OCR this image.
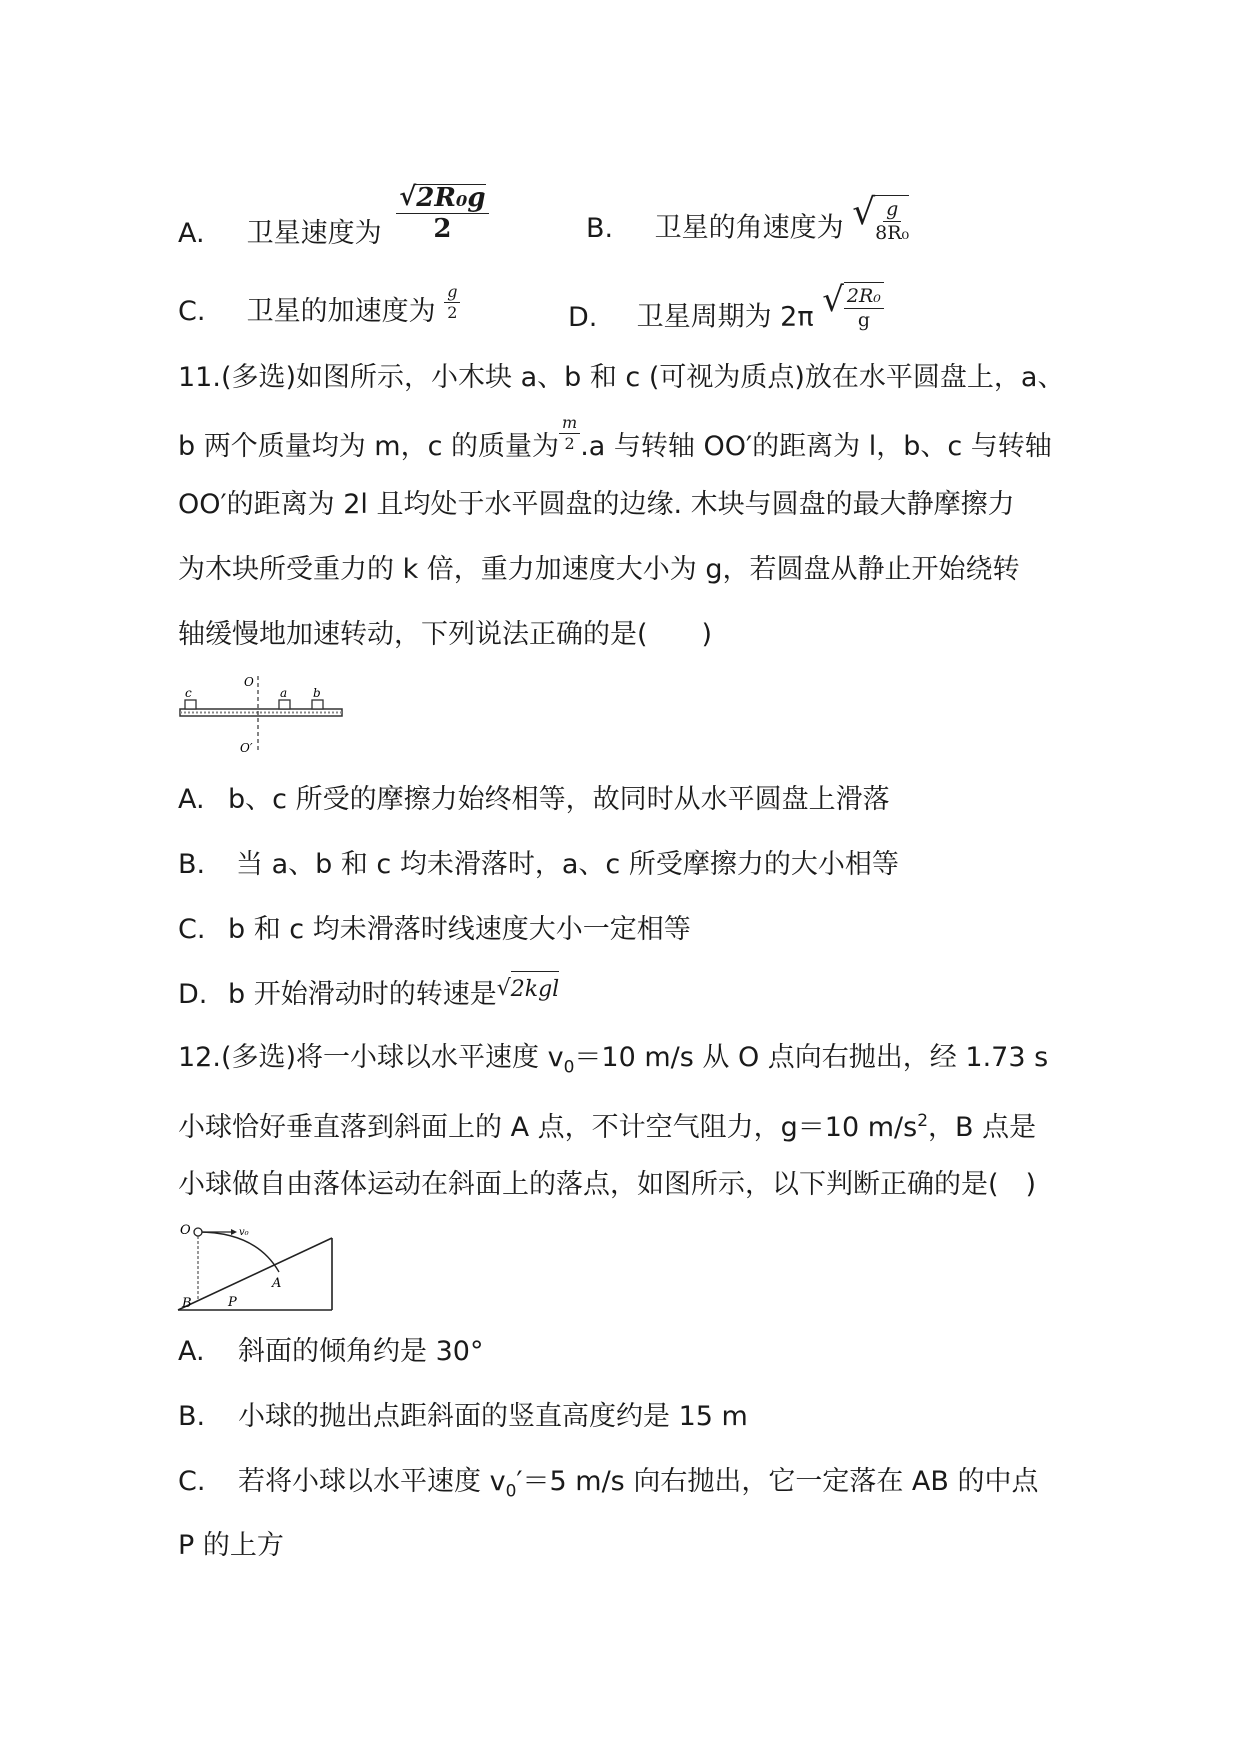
A. 卫星速度为 $\frac{\text{√ 2R₀g}}{2}$	B. 卫星的角速度为 √ $\frac{g}{\text{8R₀}}$
C. 卫星的加速度为 $\frac{g}{2}$	D. 卫星周期为 2π √ $\frac{\text{2R₀}}{g}$
11.(多选)如图所示，小木块 a、b 和 c (可视为质点)放在水平圆盘上，a、
b 两个质量均为 m，c 的质量为 $\frac{m}{2} .a$ 与转轴 OO′的距离为 l，b、c 与转轴
OO′的距离为 2l 且均处于水平圆盘的边缘. 木块与圆盘的最大静摩擦力
为木块所受重力的 k 倍，重力加速度大小为 g，若圆盘从静止开始绕转
轴缓慢地加速转动，下列说法正确的是(　　)
c
O
a b
O′
A. b、c 所受的摩擦力始终相等，故同时从水平圆盘上滑落
B. 当 a、b 和 c 均未滑落时，a、c 所受摩擦力的大小相等
C. b 和 c 均未滑落时线速度大小一定相等
D. b 开始滑动时的转速是 √ 2kgl
12.(多选)将一小球以水平速度 $v_0=10$ m/s 从 O 点向右抛出，经 1.73 s
小球恰好垂直落到斜面上的 A 点，不计空气阻力，g＝10 $m/s^2$，B 点是
小球做自由落体运动在斜面上的落点，如图所示，以下判断正确的是(　)
O	v₀
A
B	P
A. 斜面的倾角约是 30°
B. 小球的抛出点距斜面的竖直高度约是 15 m
C. 若将小球以水平速度 $v_0'=5$ m/s 向右抛出，它一定落在 AB 的中点
P 的上方
